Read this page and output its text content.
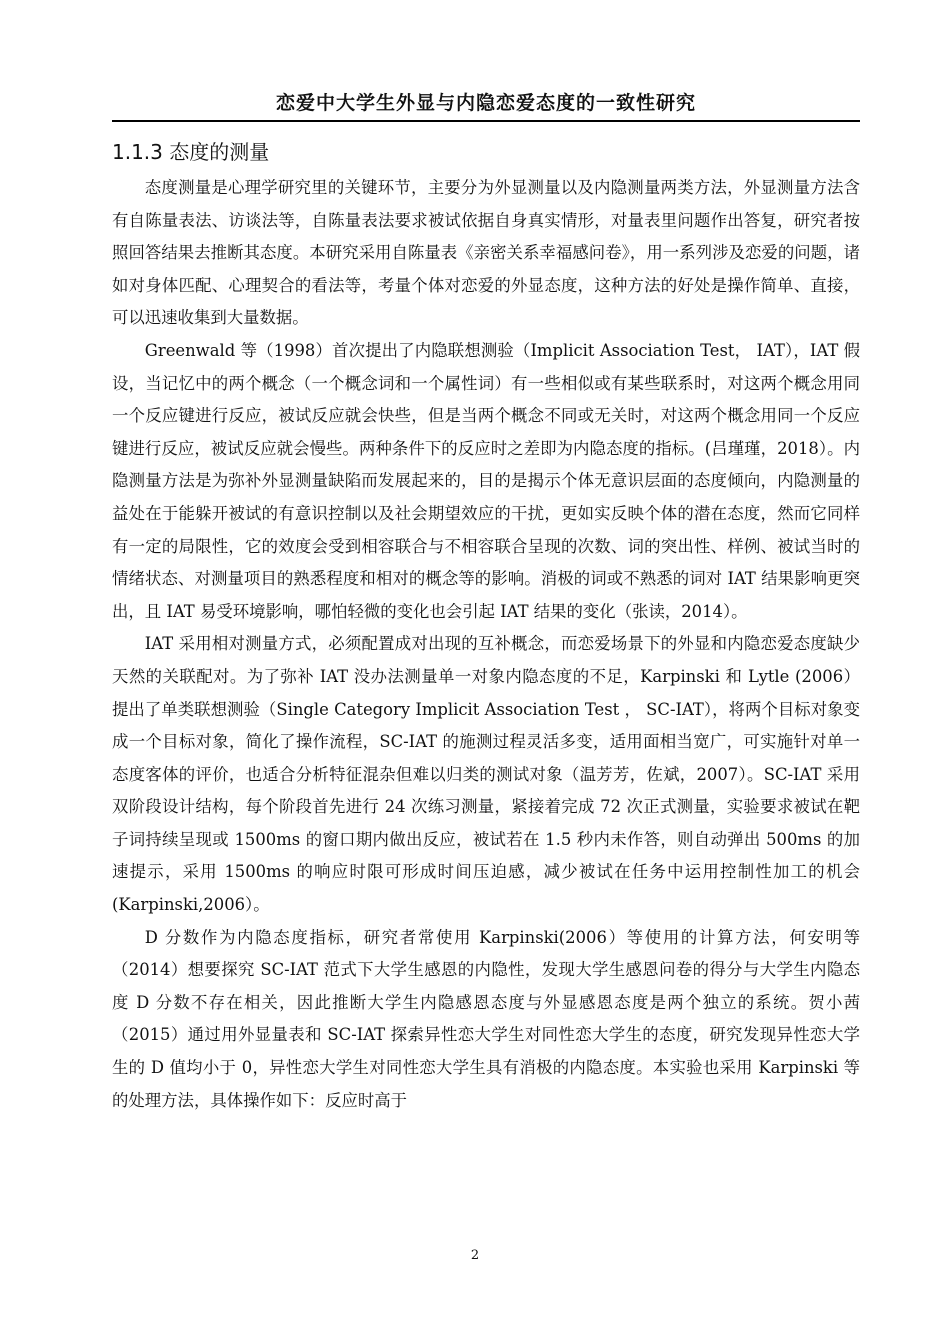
恋爱中大学生外显与内隐恋爱态度的一致性研究
1.1.3 态度的测量

态度测量是心理学研究里的关键环节，主要分为外显测量以及内隐测量两类方法，外显测量方法含有自陈量表法、访谈法等，自陈量表法要求被试依据自身真实情形，对量表里问题作出答复，研究者按照回答结果去推断其态度。本研究采用自陈量表《亲密关系幸福感问卷》，用一系列涉及恋爱的问题，诸如对身体匹配、心理契合的看法等，考量个体对恋爱的外显态度，这种方法的好处是操作简单、直接，可以迅速收集到大量数据。

Greenwald 等（1998）首次提出了内隐联想测验（Implicit Association Test， IAT），IAT 假设，当记忆中的两个概念（一个概念词和一个属性词）有一些相似或有某些联系时，对这两个概念用同一个反应键进行反应，被试反应就会快些，但是当两个概念不同或无关时，对这两个概念用同一个反应键进行反应，被试反应就会慢些。两种条件下的反应时之差即为内隐态度的指标。(吕瑾瑾，2018）。内隐测量方法是为弥补外显测量缺陷而发展起来的，目的是揭示个体无意识层面的态度倾向，内隐测量的益处在于能躲开被试的有意识控制以及社会期望效应的干扰，更如实反映个体的潜在态度，然而它同样有一定的局限性，它的效度会受到相容联合与不相容联合呈现的次数、词的突出性、样例、被试当时的情绪状态、对测量项目的熟悉程度和相对的概念等的影响。消极的词或不熟悉的词对 IAT 结果影响更突出，且 IAT 易受环境影响，哪怕轻微的变化也会引起 IAT 结果的变化（张读，2014）。

IAT 采用相对测量方式，必须配置成对出现的互补概念，而恋爱场景下的外显和内隐恋爱态度缺少天然的关联配对。为了弥补 IAT 没办法测量单一对象内隐态度的不足，Karpinski 和 Lytle (2006）提出了单类联想测验（Single Category Implicit Association Test ， SC-IAT），将两个目标对象变成一个目标对象，简化了操作流程，SC-IAT 的施测过程灵活多变，适用面相当宽广，可实施针对单一态度客体的评价，也适合分析特征混杂但难以归类的测试对象（温芳芳，佐斌，2007）。SC-IAT 采用双阶段设计结构，每个阶段首先进行 24 次练习测量，紧接着完成 72 次正式测量，实验要求被试在靶子词持续呈现或 1500ms 的窗口期内做出反应，被试若在 1.5 秒内未作答，则自动弹出 500ms 的加速提示，采用 1500ms 的响应时限可形成时间压迫感，减少被试在任务中运用控制性加工的机会(Karpinski,2006）。

D 分数作为内隐态度指标，研究者常使用 Karpinski(2006）等使用的计算方法，何安明等（2014）想要探究 SC-IAT 范式下大学生感恩的内隐性，发现大学生感恩问卷的得分与大学生内隐态度 D 分数不存在相关，因此推断大学生内隐感恩态度与外显感恩态度是两个独立的系统。贺小茜（2015）通过用外显量表和 SC-IAT 探索异性恋大学生对同性恋大学生的态度，研究发现异性恋大学生的 D 值均小于 0，异性恋大学生对同性恋大学生具有消极的内隐态度。本实验也采用 Karpinski 等的处理方法，具体操作如下：反应时高于

2
